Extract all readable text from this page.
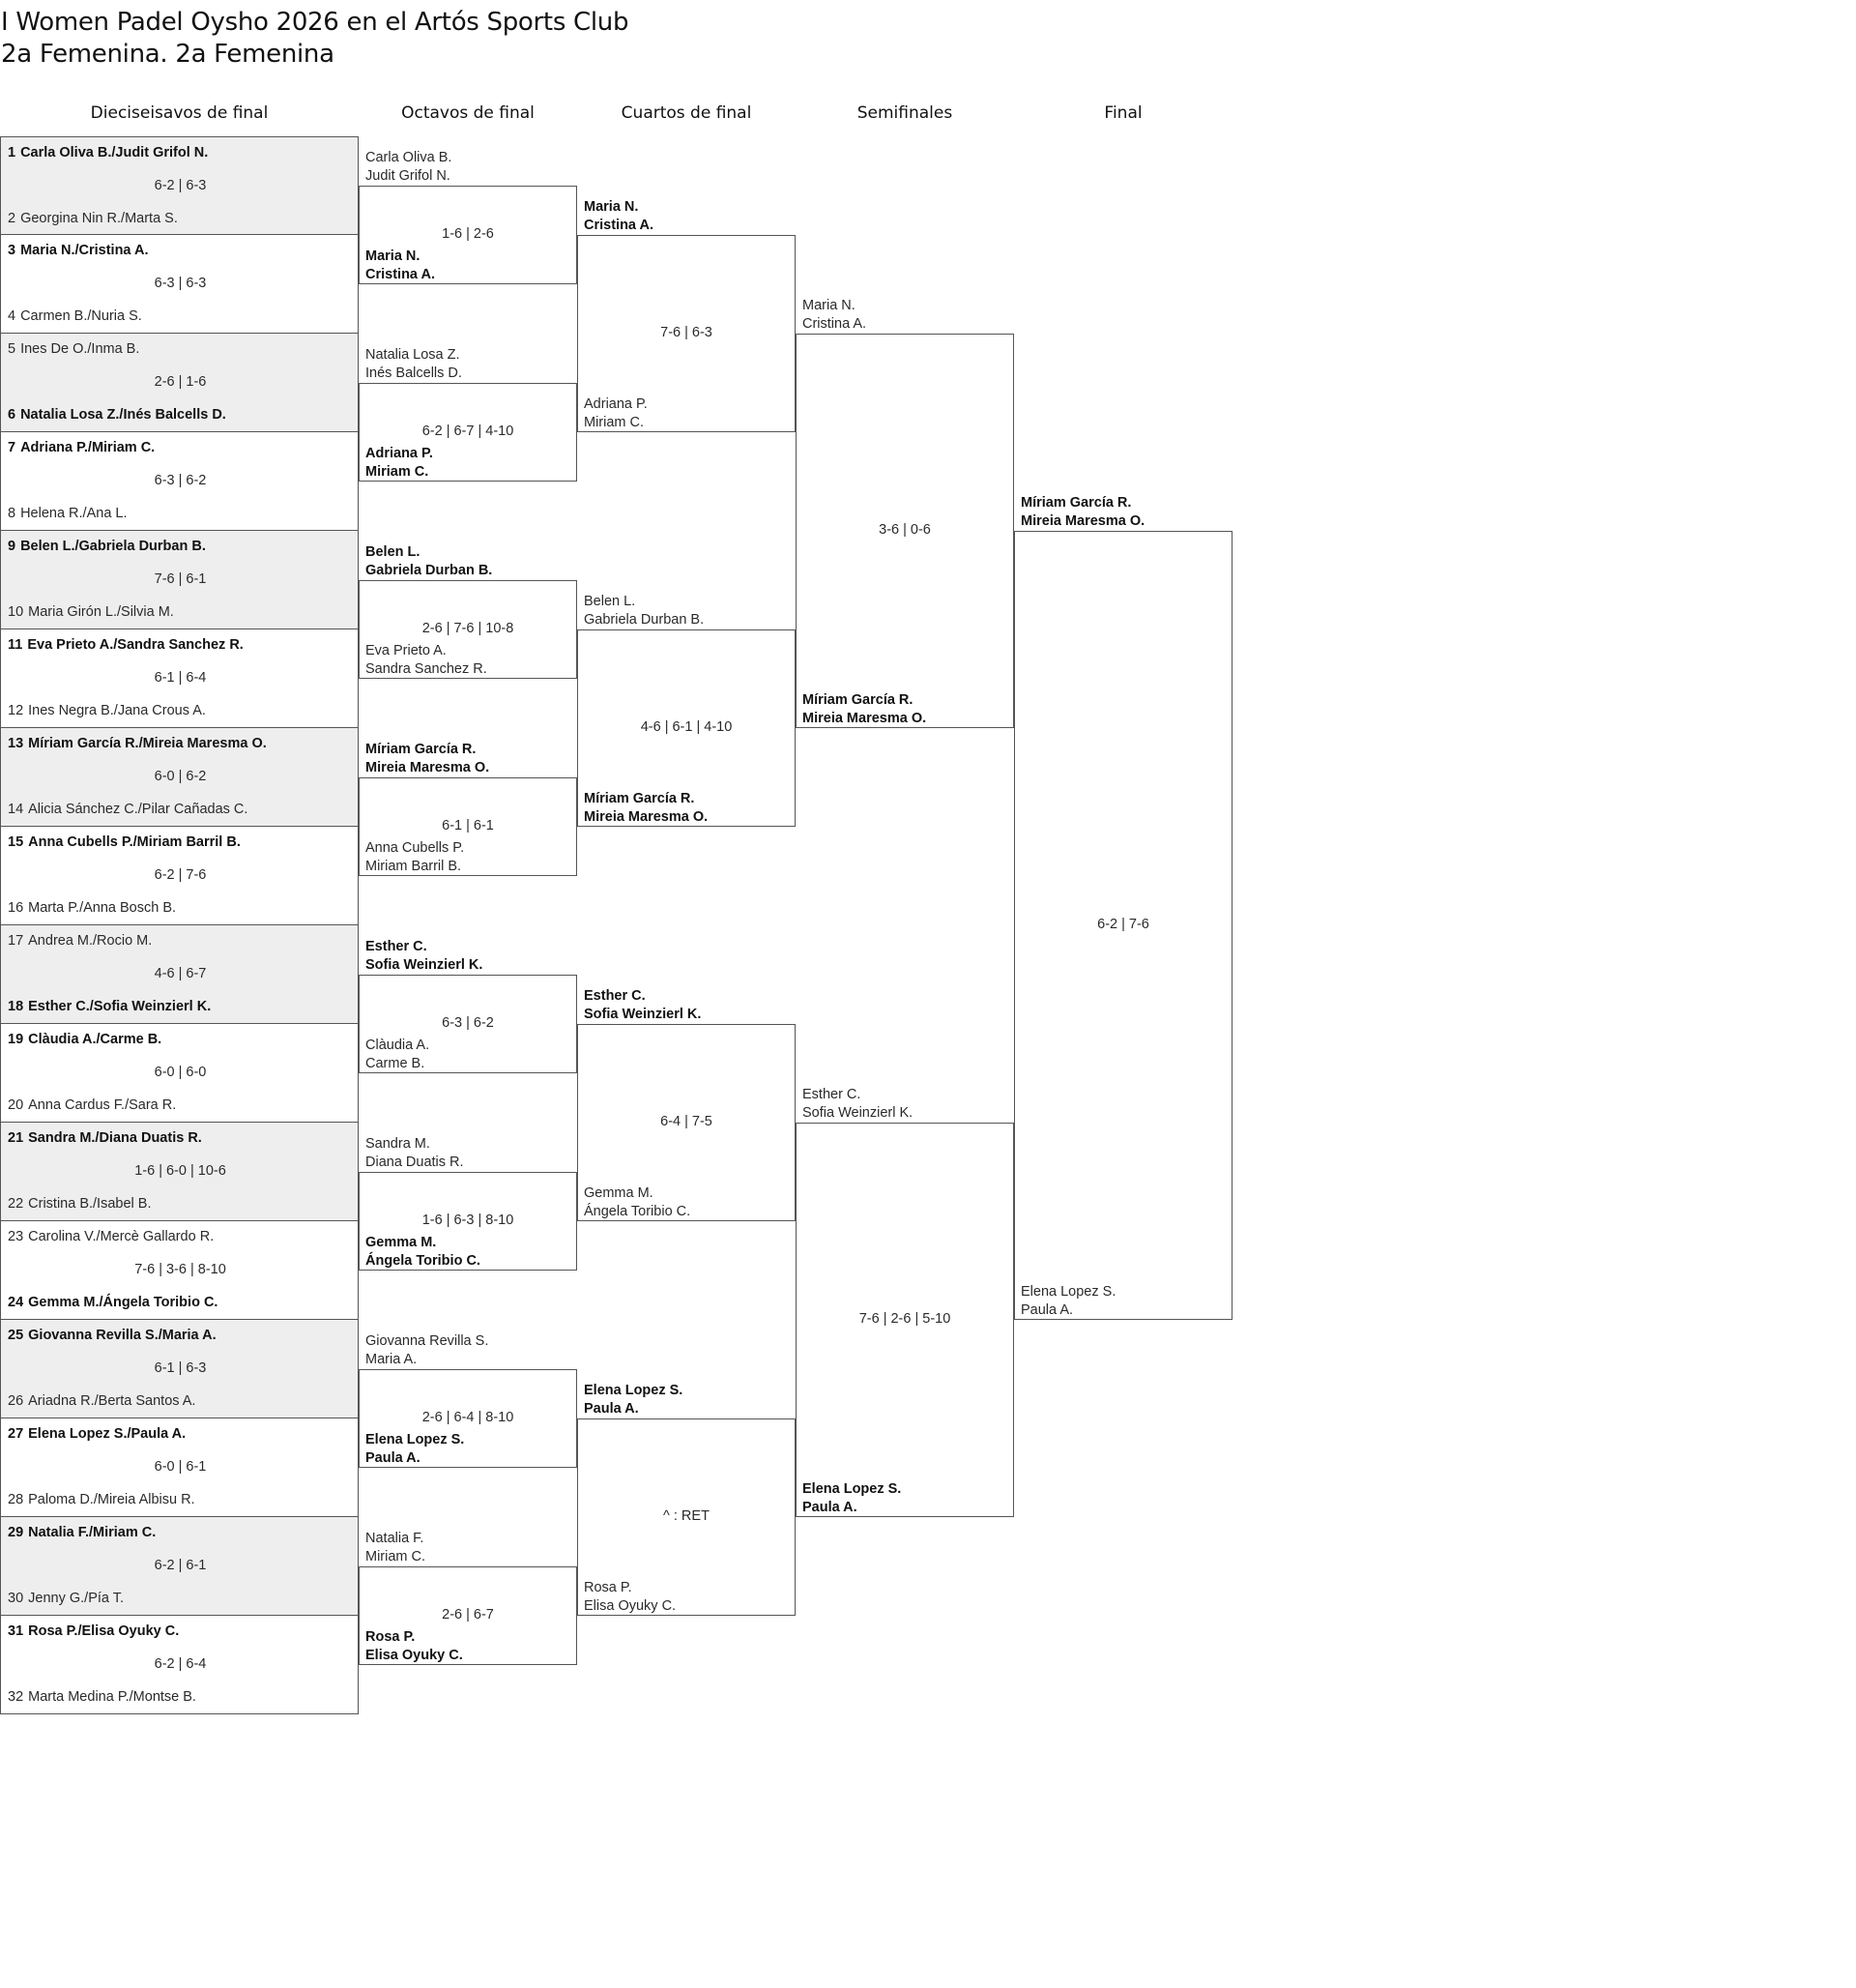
I Women Padel Oysho 2026 en el Artós Sports Club
2a Femenina. 2a Femenina
Dieciseisavos de final	Octavos de final	Cuartos de final	Semifinales	Final
1 Carla Oliva B./Judit Grifol N.
2 Georgina Nin R./Marta S.
6-2 | 6-3
3 Maria N./Cristina A.
4 Carmen B./Nuria S.
6-3 | 6-3
5 Ines De O./Inma B.
6 Natalia Losa Z./Inés Balcells D.
2-6 | 1-6
7 Adriana P./Miriam C.
8 Helena R./Ana L.
6-3 | 6-2
9 Belen L./Gabriela Durban B.
10 Maria Girón L./Silvia M.
7-6 | 6-1
11 Eva Prieto A./Sandra Sanchez R.
12 Ines Negra B./Jana Crous A.
6-1 | 6-4
13 Míriam García R./Mireia Maresma O.
14 Alicia Sánchez C./Pilar Cañadas C.
6-0 | 6-2
15 Anna Cubells P./Miriam Barril B.
16 Marta P./Anna Bosch B.
6-2 | 7-6
17 Andrea M./Rocio M.
18 Esther C./Sofia Weinzierl K.
4-6 | 6-7
19 Clàudia A./Carme B.
20 Anna Cardus F./Sara R.
6-0 | 6-0
21 Sandra M./Diana Duatis R.
22 Cristina B./Isabel B.
1-6 | 6-0 | 10-6
23 Carolina V./Mercè Gallardo R.
24 Gemma M./Ángela Toribio C.
7-6 | 3-6 | 8-10
25 Giovanna Revilla S./Maria A.
26 Ariadna R./Berta Santos A.
6-1 | 6-3
27 Elena Lopez S./Paula A.
28 Paloma D./Mireia Albisu R.
6-0 | 6-1
29 Natalia F./Miriam C.
30 Jenny G./Pía T.
6-2 | 6-1
31 Rosa P./Elisa Oyuky C.
32 Marta Medina P./Montse B.
6-2 | 6-4
Carla Oliva B.
Judit Grifol N.
Maria N.
Cristina A.
1-6 | 2-6
Natalia Losa Z.
Inés Balcells D.
Adriana P.
Miriam C.
6-2 | 6-7 | 4-10
Belen L.
Gabriela Durban B.
Eva Prieto A.
Sandra Sanchez R.
2-6 | 7-6 | 10-8
Míriam García R.
Mireia Maresma O.
Anna Cubells P.
Miriam Barril B.
6-1 | 6-1
Esther C.
Sofia Weinzierl K.
Clàudia A.
Carme B.
6-3 | 6-2
Sandra M.
Diana Duatis R.
Gemma M.
Ángela Toribio C.
1-6 | 6-3 | 8-10
Giovanna Revilla S.
Maria A.
Elena Lopez S.
Paula A.
2-6 | 6-4 | 8-10
Natalia F.
Miriam C.
Rosa P.
Elisa Oyuky C.
2-6 | 6-7
Maria N.
Cristina A.
Adriana P.
Miriam C.
7-6 | 6-3
Belen L.
Gabriela Durban B.
Míriam García R.
Mireia Maresma O.
4-6 | 6-1 | 4-10
Esther C.
Sofia Weinzierl K.
Gemma M.
Ángela Toribio C.
6-4 | 7-5
Elena Lopez S.
Paula A.
Rosa P.
Elisa Oyuky C.
^ : RET
Maria N.
Cristina A.
Míriam García R.
Mireia Maresma O.
3-6 | 0-6
Esther C.
Sofia Weinzierl K.
Elena Lopez S.
Paula A.
7-6 | 2-6 | 5-10
Míriam García R.
Mireia Maresma O.
Elena Lopez S.
Paula A.
6-2 | 7-6
